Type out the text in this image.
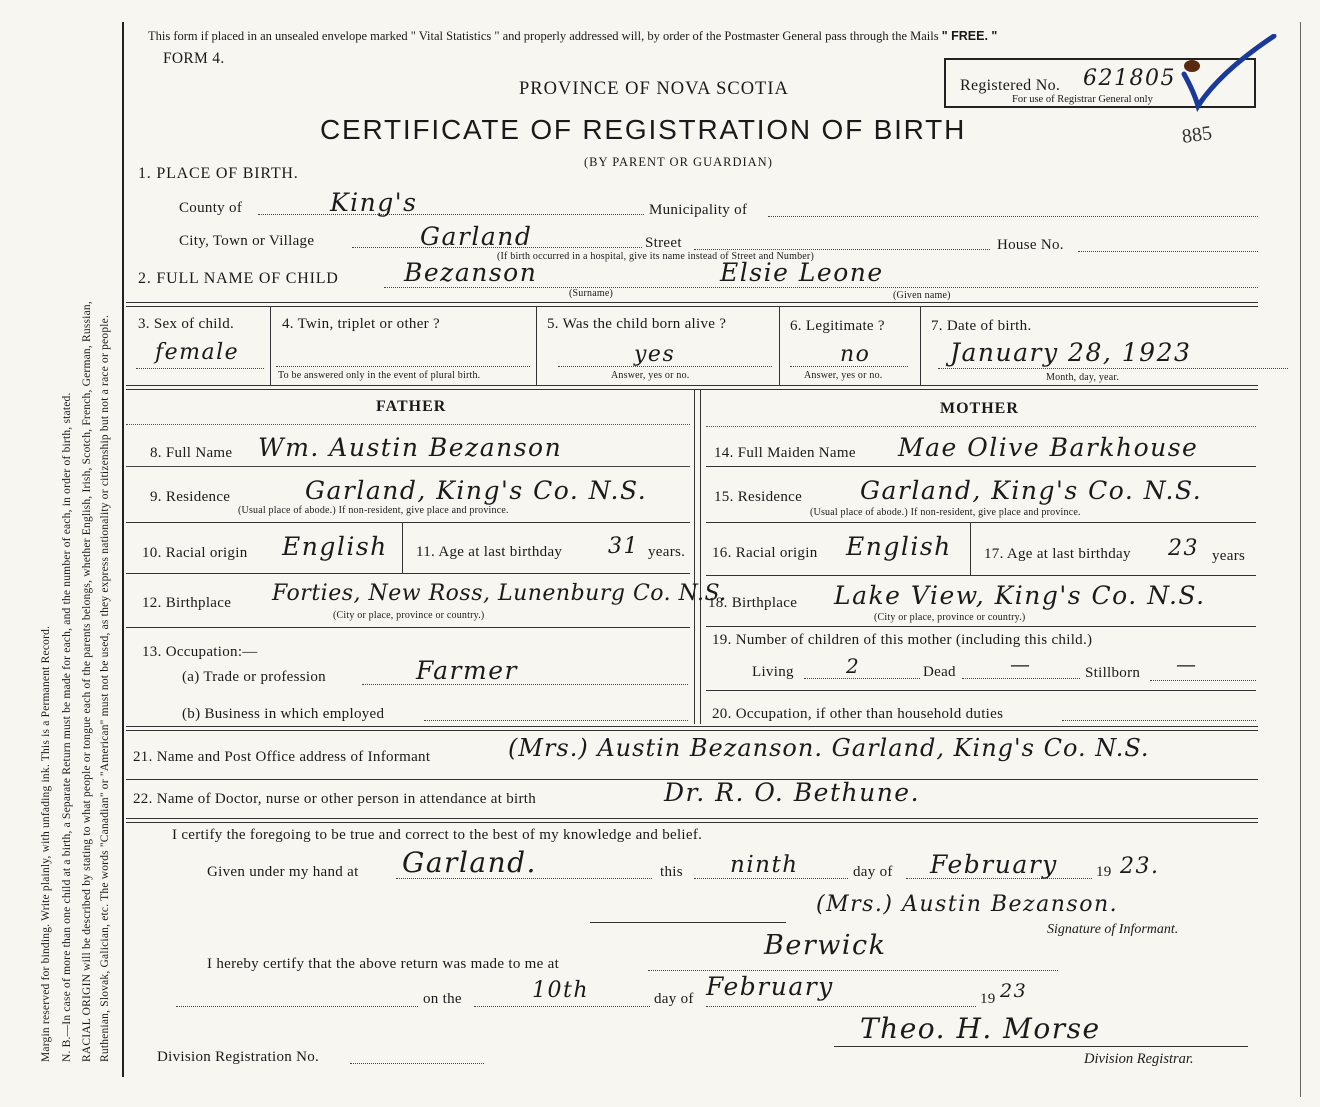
Margin reserved for binding. Write plainly, with unfading ink. This is a Permanent Record. N. B.—In case of more than one child at a birth, a Separate Return must be made for each, and the number of each, in order of birth, stated. RACIAL ORIGIN will be described by stating to what people or tongue each of the parents belongs, whether English, Irish, Scotch, French, German, Russian, Ruthenian, Slovak, Galician, etc. The words "Canadian" or "American" must not be used, as they express nationality or citizenship but not a race or people.
This form if placed in an unsealed envelope marked " Vital Statistics " and properly addressed will, by order of the Postmaster General pass through the Mails " FREE. "
FORM 4.
PROVINCE OF NOVA SCOTIA
CERTIFICATE OF REGISTRATION OF BIRTH
(BY PARENT OR GUARDIAN)
Registered No. 621805
For use of Registrar General only
885
1. PLACE OF BIRTH.
County of	King's	Municipality of
City, Town or Village	Garland	Street	House No.
(If birth occurred in a hospital, give its name instead of Street and Number)
2. FULL NAME OF CHILD	Bezanson
(Surname)
Elsie Leone
(Given name)
3. Sex of child.
female
4. Twin, triplet or other ?
To be answered only in the event of plural birth.
5. Was the child born alive ?
yes
Answer, yes or no.
6. Legitimate ?
no
Answer, yes or no.
7. Date of birth.
January 28, 1923
Month, day, year.
FATHER	MOTHER
8. Full Name Wm. Austin Bezanson
9. Residence	Garland, King's Co. N.S.
(Usual place of abode.) If non-resident, give place and province.
10. Racial origin English 11. Age at last birthday 31 years.
12. Birthplace Forties, New Ross, Lunenburg Co. N.S.
(City or place, province or country.)
13. Occupation:—
(a) Trade or profession	Farmer
(b) Business in which employed
14. Full Maiden Name Mae Olive Barkhouse
15. Residence Garland, King's Co. N.S.
(Usual place of abode.) If non-resident, give place and province.
16. Racial origin English 17. Age at last birthday 23 years
18. Birthplace Lake View, King's Co. N.S.
(City or place, province or country.)
19. Number of children of this mother (including this child.)
Living	2	Dead	—	Stillborn —
20. Occupation, if other than household duties
21. Name and Post Office address of Informant	(Mrs.) Austin Bezanson. Garland, King's Co. N.S.
22. Name of Doctor, nurse or other person in attendance at birth	Dr. R. O. Bethune.
I certify the foregoing to be true and correct to the best of my knowledge and belief.
Given under my hand at Garland.	this ninth	day of February	19 23.
(Mrs.) Austin Bezanson.
Signature of Informant.
I hereby certify that the above return was made to me at
Berwick
on the	10th	day of February	19 23
Theo. H. Morse
Division Registration No.	Division Registrar.
